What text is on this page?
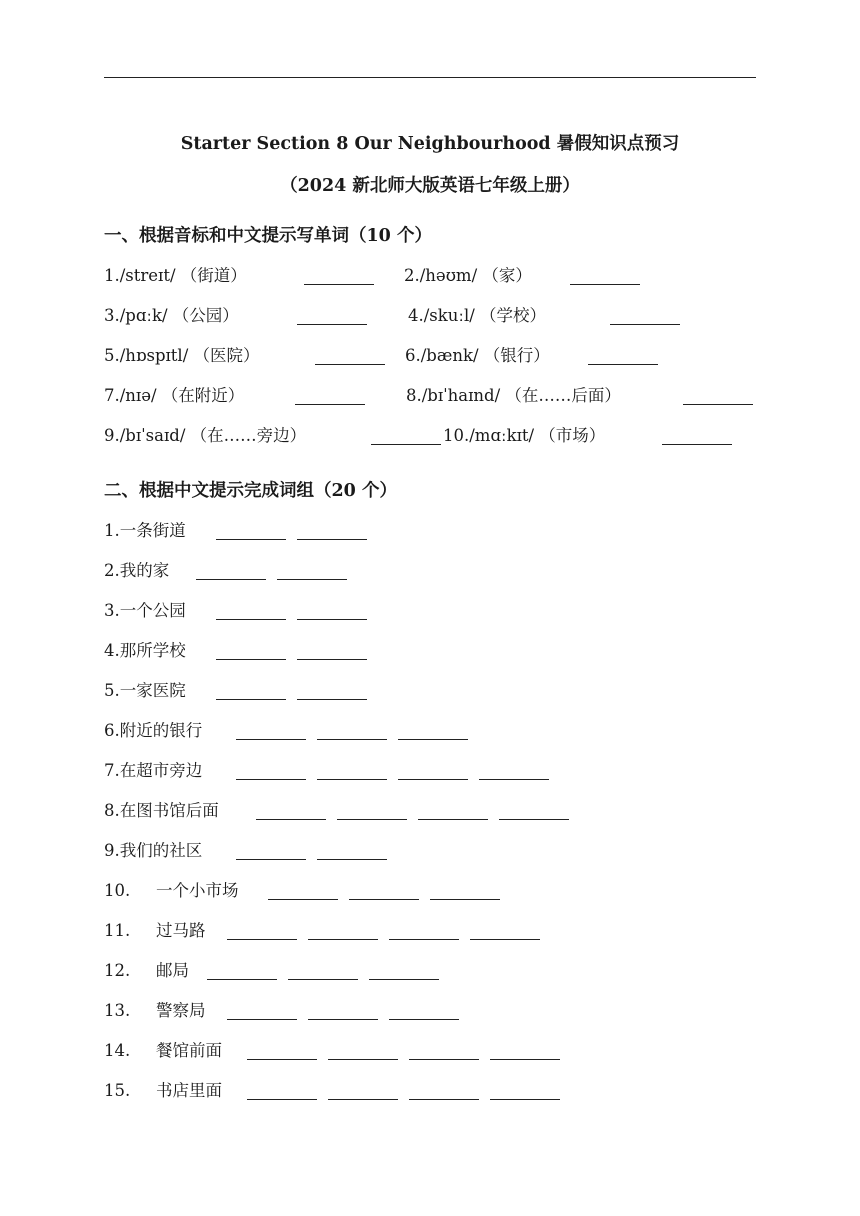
Starter Section 8 Our Neighbourhood 暑假知识点预习
（2024 新北师大版英语七年级上册）
一、根据音标和中文提示写单词（10 个）
1./streɪt/ （街道）	2./həʊm/ （家）
3./pɑːk/ （公园）	4./skuːl/ （学校）
5./hɒspɪtl/ （医院）	6./bænk/ （银行）
7./nɪə/ （在附近）	8./bɪˈhaɪnd/ （在……后面）
9./bɪˈsaɪd/ （在……旁边）	10./mɑːkɪt/ （市场）
二、根据中文提示完成词组（20 个）
1.一条街道
2.我的家
3.一个公园
4.那所学校
5.一家医院
6.附近的银行
7.在超市旁边
8.在图书馆后面
9.我们的社区
10. 一个小市场
11. 过马路
12. 邮局
13. 警察局
14. 餐馆前面
15. 书店里面
